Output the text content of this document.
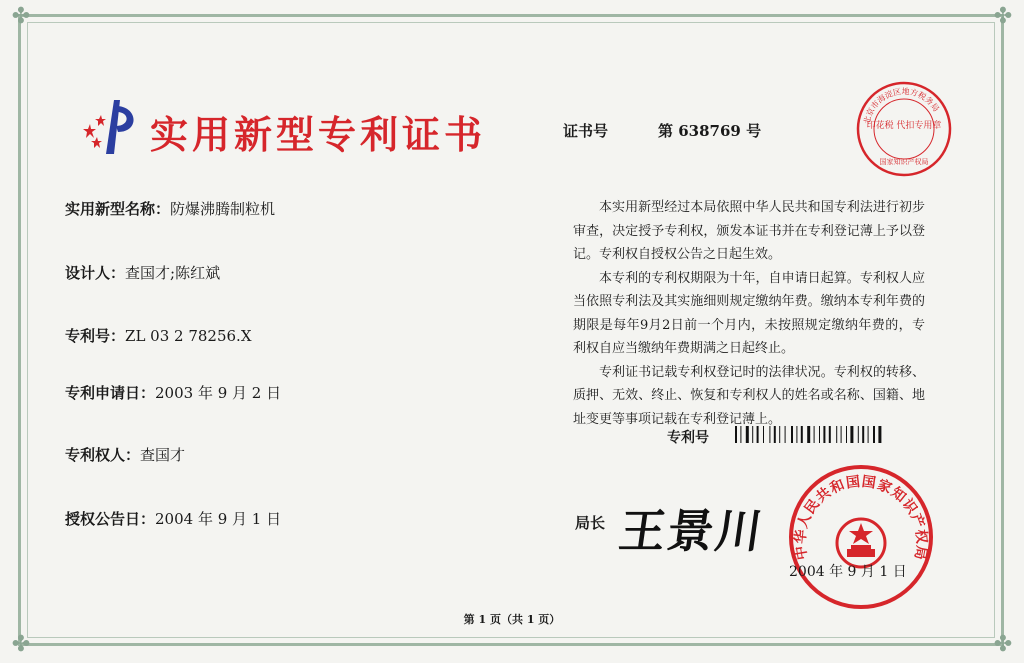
✤	✤
✤	✤
实用新型专利证书	证书号	第 638769 号
实用新型名称：防爆沸腾制粒机
设计人：查国才;陈红斌
专利号：ZL 03 2 78256.X
专利申请日：2003 年 9 月 2 日
专利权人：查国才
授权公告日：2004 年 9 月 1 日

本实用新型经过本局依照中华人民共和国专利法进行初步审查，决定授予专利权，颁发本证书并在专利登记薄上予以登记。专利权自授权公告之日起生效。

本专利的专利权期限为十年，自申请日起算。专利权人应当依照专利法及其实施细则规定缴纳年费。缴纳本专利年费的期限是每年9月2日前一个月内，未按照规定缴纳年费的，专利权自应当缴纳年费期满之日起终止。

专利证书记载专利权登记时的法律状况。专利权的转移、质押、无效、终止、恢复和专利权人的姓名或名称、国籍、地址变更等事项记载在专利登记薄上。

专利号
局长 王景川
北京市海淀区地方税务局
印花税 代扣专用章
国家知识产权局
中华人民共和国国家知识产权局
2004 年 9 月 1 日
第 1 页（共 1 页）
